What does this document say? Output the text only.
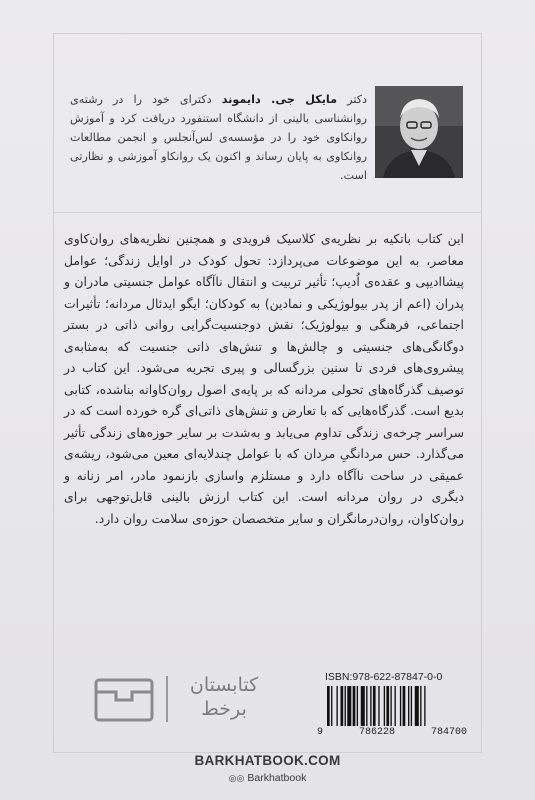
دکتر مایکل جی. دایموند دکترای خود را در رشته‌ی روانشناسی بالینی از دانشگاه استنفورد دریافت کرد و آموزش روانکاوی خود را در مؤسسه‌ی لس‌آنجلس و انجمن مطالعات روانکاوی به پایان رساند و اکنون یک روانکاو آموزشی و نظارتی است.

این کتاب باتکیه بر نظریه‌ی کلاسیک فرویدی و همچنین نظریه‌های روان‌کاوی معاصر، به این موضوعات می‌پردازد: تحول کودک در اوایل زندگی؛ عوامل پیشاادیپی و عقده‌ی اُدیپ؛ تأثیر تربیت و انتقال ناآگاه عوامل جنسیتی مادران و پدران (اعم از پدر بیولوژیکی و نمادین) به کودکان؛ ایگو ایدئال مردانه؛ تأثیرات اجتماعی، فرهنگی و بیولوژیک؛ نقش دوجنسیت‌گرایی روانی ذاتی در بستر دوگانگی‌های جنسیتی و چالش‌ها و تنش‌های ذاتی جنسیت که به‌مثابه‌ی پیشروی‌های فردی تا سنین بزرگسالی و پیری تجربه می‌شود. این کتاب در توصیف گذرگاه‌های تحولی مردانه که بر پایه‌ی اصول روان‌کاوانه بناشده، کتابی بدیع است. گذرگاه‌هایی که با تعارض و تنش‌های ذاتی‌ای گره خورده است که در سراسر چرخه‌ی زندگی تداوم می‌یابد و به‌شدت بر سایر حوزه‌های زندگی تأثیر می‌گذارد. حس مردانگیِ مردان که با عوامل چندلایه‌ای معین می‌شود، ریشه‌ی عمیقی در ساحت ناآگاه دارد و مستلزم واسازی بازنمود مادر، امر زنانه و دیگری در روان مردانه است. این کتاب ارزش بالینی قابل‌توجهی برای روان‌کاوان، روان‌درمانگران و سایر متخصصان حوزه‌ی سلامت روان دارد.

کتابستان
برخط
ISBN:978-622-87847-0-0
9	786228	784700
BARKHATBOOK.COM
◎◎ Barkhatbook
